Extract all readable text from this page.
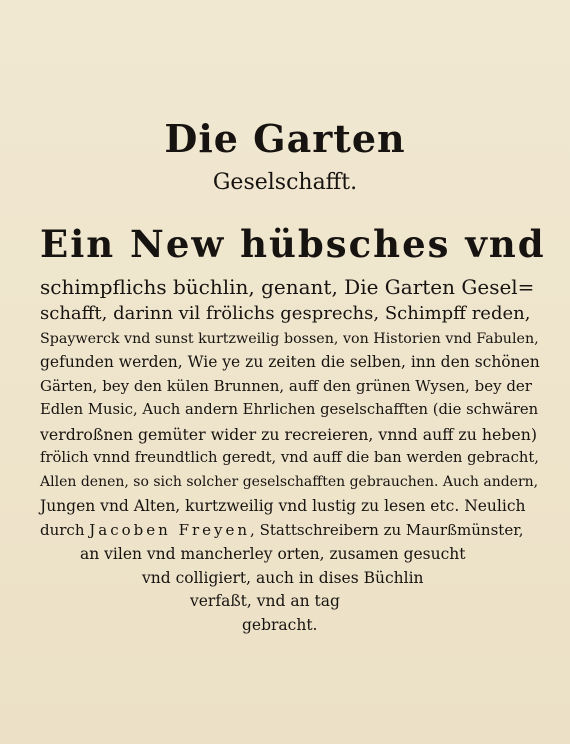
Die Garten
Geselschafft.
Ein New hübsches vnd
schimpflichs büchlin, genant, Die Garten Gesel=
schafft, darinn vil frölichs gesprechs, Schimpff reden,
Spaywerck vnd sunst kurtzweilig bossen, von Historien vnd Fabulen,
gefunden werden, Wie ye zu zeiten die selben, inn den schönen
Gärten, bey den külen Brunnen, auff den grünen Wysen, bey der
Edlen Music, Auch andern Ehrlichen geselschafften (die schwären
verdroßnen gemüter wider zu recreieren, vnnd auff zu heben)
frölich vnnd freundtlich geredt, vnd auff die ban werden gebracht,
Allen denen, so sich solcher geselschafften gebrauchen. Auch andern,
Jungen vnd Alten, kurtzweilig vnd lustig zu lesen etc. Neulich
durch Jacoben Freyen, Stattschreibern zu Maurßmünster,
an vilen vnd mancherley orten, zusamen gesucht
vnd colligiert, auch in dises Büchlin
verfaßt, vnd an tag
gebracht.
